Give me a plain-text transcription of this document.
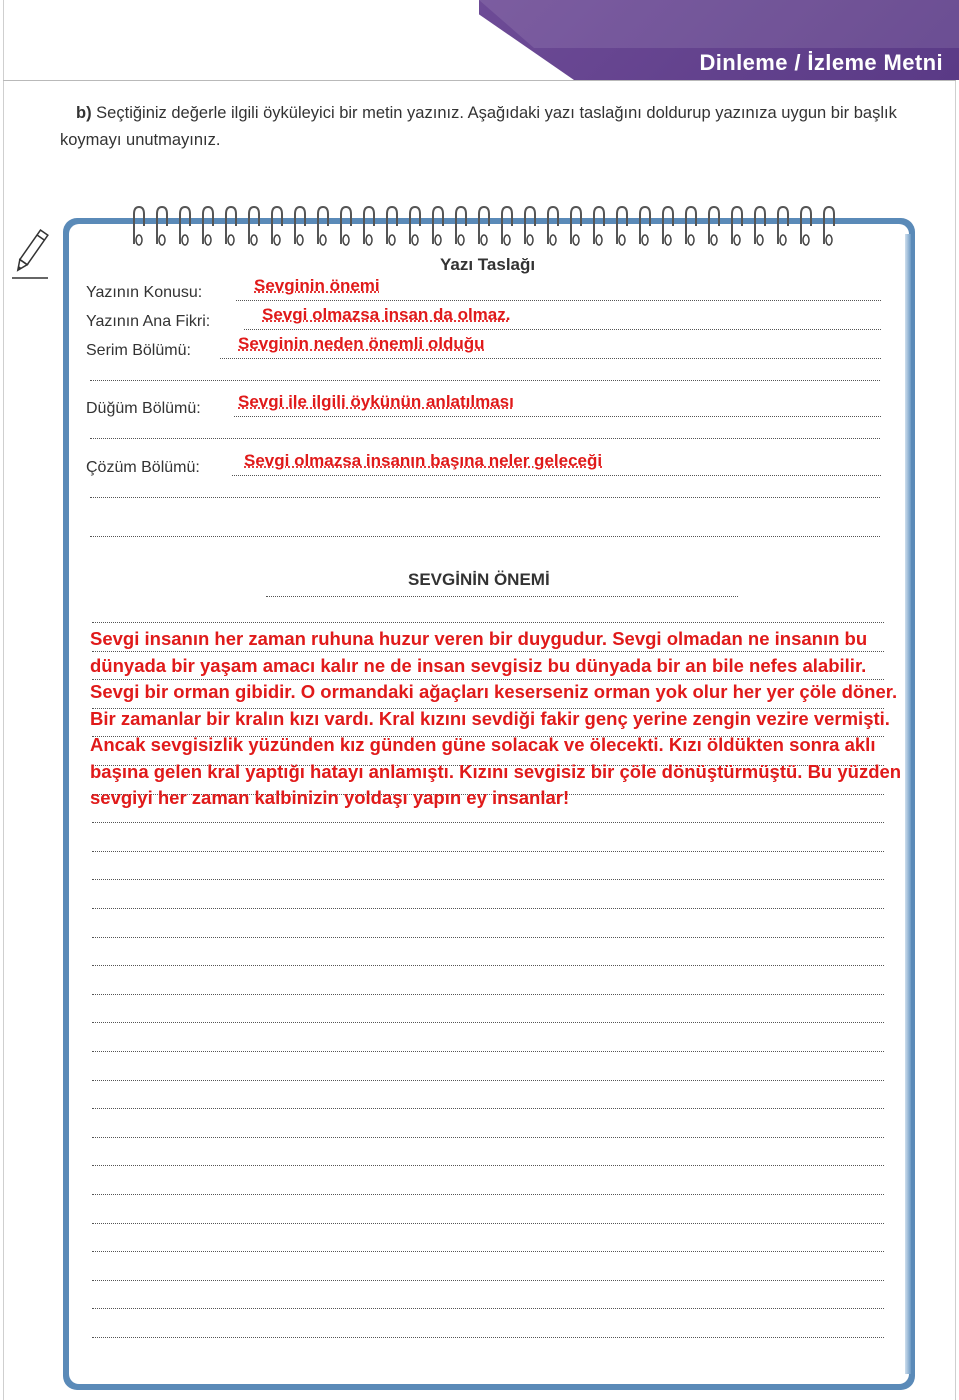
Dinleme / İzleme Metni
b) Seçtiğiniz değerle ilgili öyküleyici bir metin yazınız. Aşağıdaki yazı taslağını doldurup yazınıza uygun bir başlık koymayı unutmayınız.
Yazı Taslağı
Yazının Konusu:	Sevginin önemi
Yazının Ana Fikri:	Sevgi olmazsa insan da olmaz.
Serim Bölümü:	Sevginin neden önemli olduğu
Düğüm Bölümü: Sevgi ile ilgili öykünün anlatılması
Çözüm Bölümü:	Sevgi olmazsa insanın başına neler geleceği
SEVGİNİN ÖNEMİ
Sevgi insanın her zaman ruhuna huzur veren bir duygudur. Sevgi olmadan ne insanın bu dünyada bir yaşam amacı kalır ne de insan sevgisiz bu dünyada bir an bile nefes alabilir. Sevgi bir orman gibidir. O ormandaki ağaçları keserseniz orman yok olur her yer çöle döner. Bir zamanlar bir kralın kızı vardı. Kral kızını sevdiği fakir genç yerine zengin vezire vermişti. Ancak sevgisizlik yüzünden kız günden güne solacak ve ölecekti. Kızı öldükten sonra aklı başına gelen kral yaptığı hatayı anlamıştı. Kızını sevgisiz bir çöle dönüştürmüştü. Bu yüzden sevgiyi her zaman kalbinizin yoldaşı yapın ey insanlar!
